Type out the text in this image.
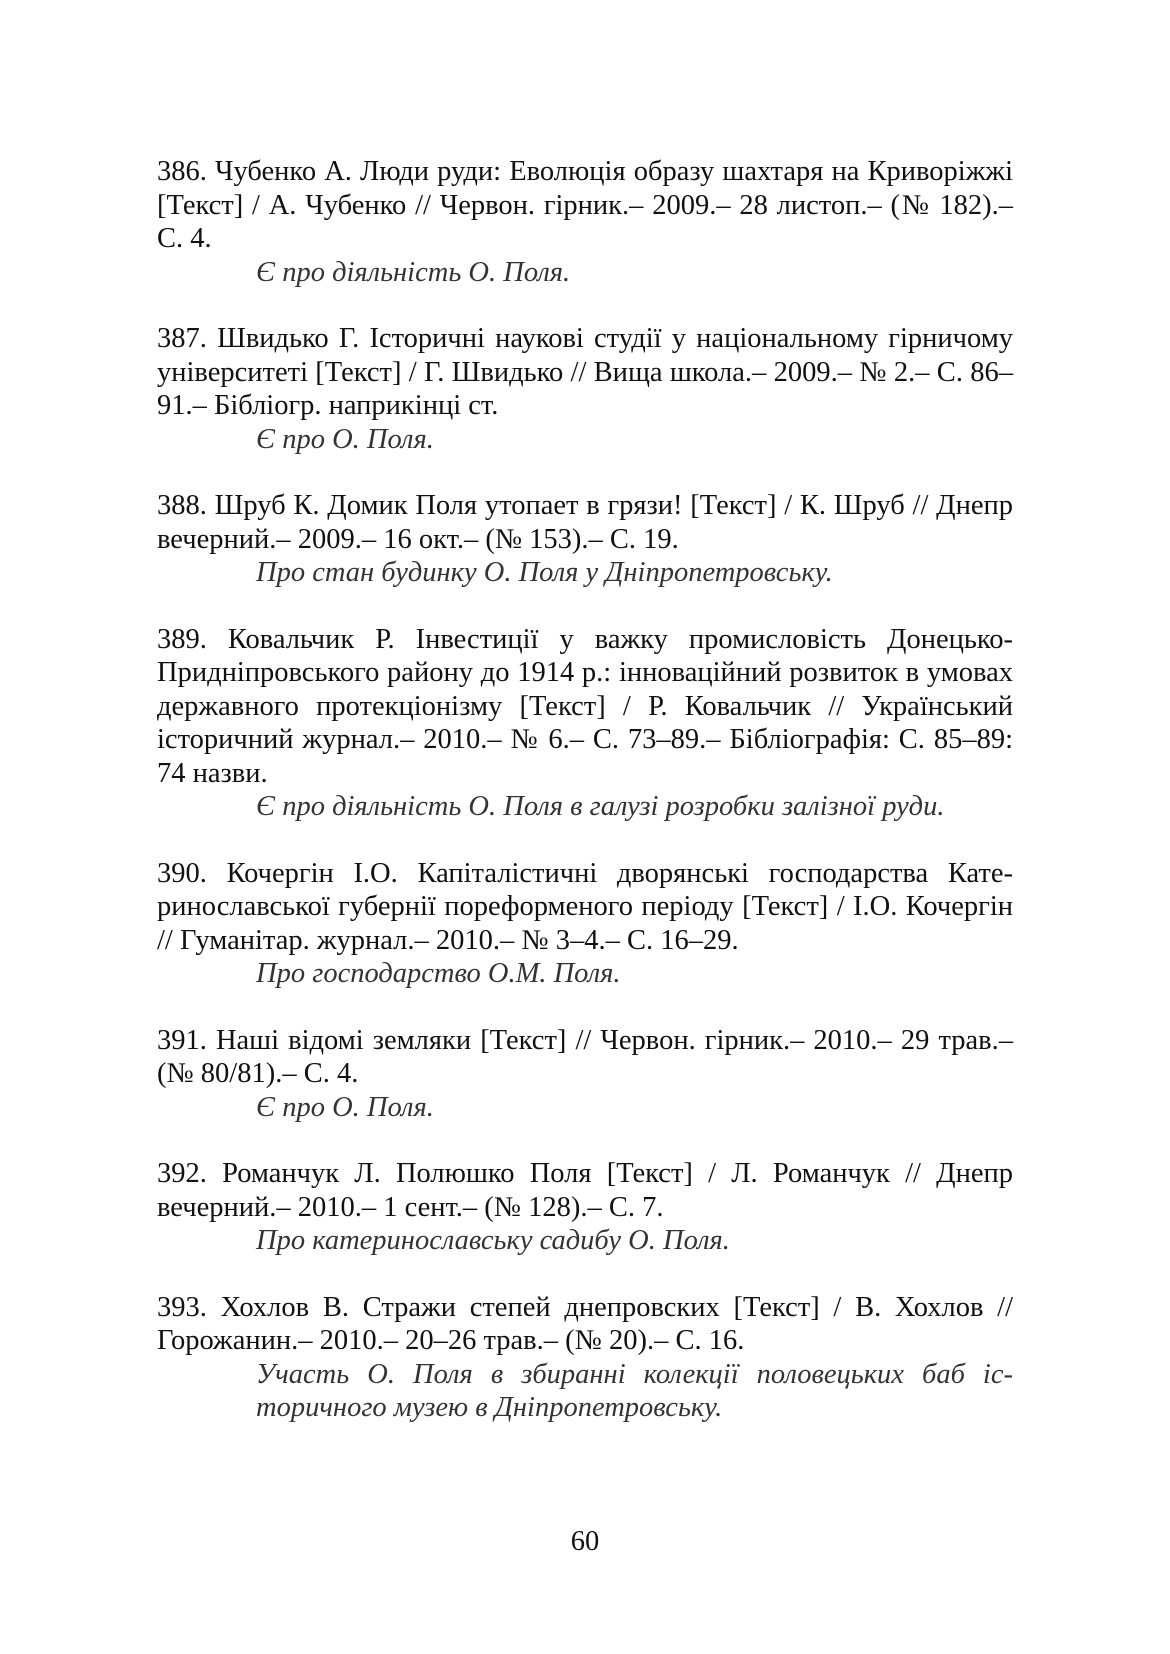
386. Чубенко А. Люди руди: Еволюція образу шахтаря на Криворіжжі [Текст] / А. Чубенко // Червон. гірник.– 2009.– 28 листоп.– (№ 182).– С. 4.

Є про діяльність О. Поля.

387. Швидько Г. Історичні наукові студії у національному гірничому університеті [Текст] / Г. Швидько // Вища школа.– 2009.– № 2.– С. 86–91.– Бібліогр. наприкінці ст.

Є про О. Поля.

388. Шруб К. Домик Поля утопает в грязи! [Текст] / К. Шруб // Днепр вечерний.– 2009.– 16 окт.– (№ 153).– С. 19.

Про стан будинку О. Поля у Дніпропетровську.

389. Ковальчик Р. Інвестиції у важку промисловість Донецько-Придніпровського району до 1914 р.: інноваційний розвиток в умовах державного протекціонізму [Текст] / Р. Ковальчик // Український історичний журнал.– 2010.– № 6.– С. 73–89.– Бібліографія: С. 85–89: 74 назви.

Є про діяльність О. Поля в галузі розробки залізної руди.

390. Кочергін І.О. Капіталістичні дворянські господарства Катеринославської губернії пореформеного періоду [Текст] / І.О. Кочергін // Гуманітар. журнал.– 2010.– № 3–4.– С. 16–29.

Про господарство О.М. Поля.

391. Наші відомі земляки [Текст] // Червон. гірник.– 2010.– 29 трав.– (№ 80/81).– С. 4.

Є про О. Поля.

392. Романчук Л. Полюшко Поля [Текст] / Л. Романчук // Днепр вечерний.– 2010.– 1 сент.– (№ 128).– С. 7.

Про катеринославську садибу О. Поля.

393. Хохлов В. Стражи степей днепровских [Текст] / В. Хохлов // Горожанин.– 2010.– 20–26 трав.– (№ 20).– С. 16.

Участь О. Поля в збиранні колекції половецьких баб історичного музею в Дніпропетровську.

60
